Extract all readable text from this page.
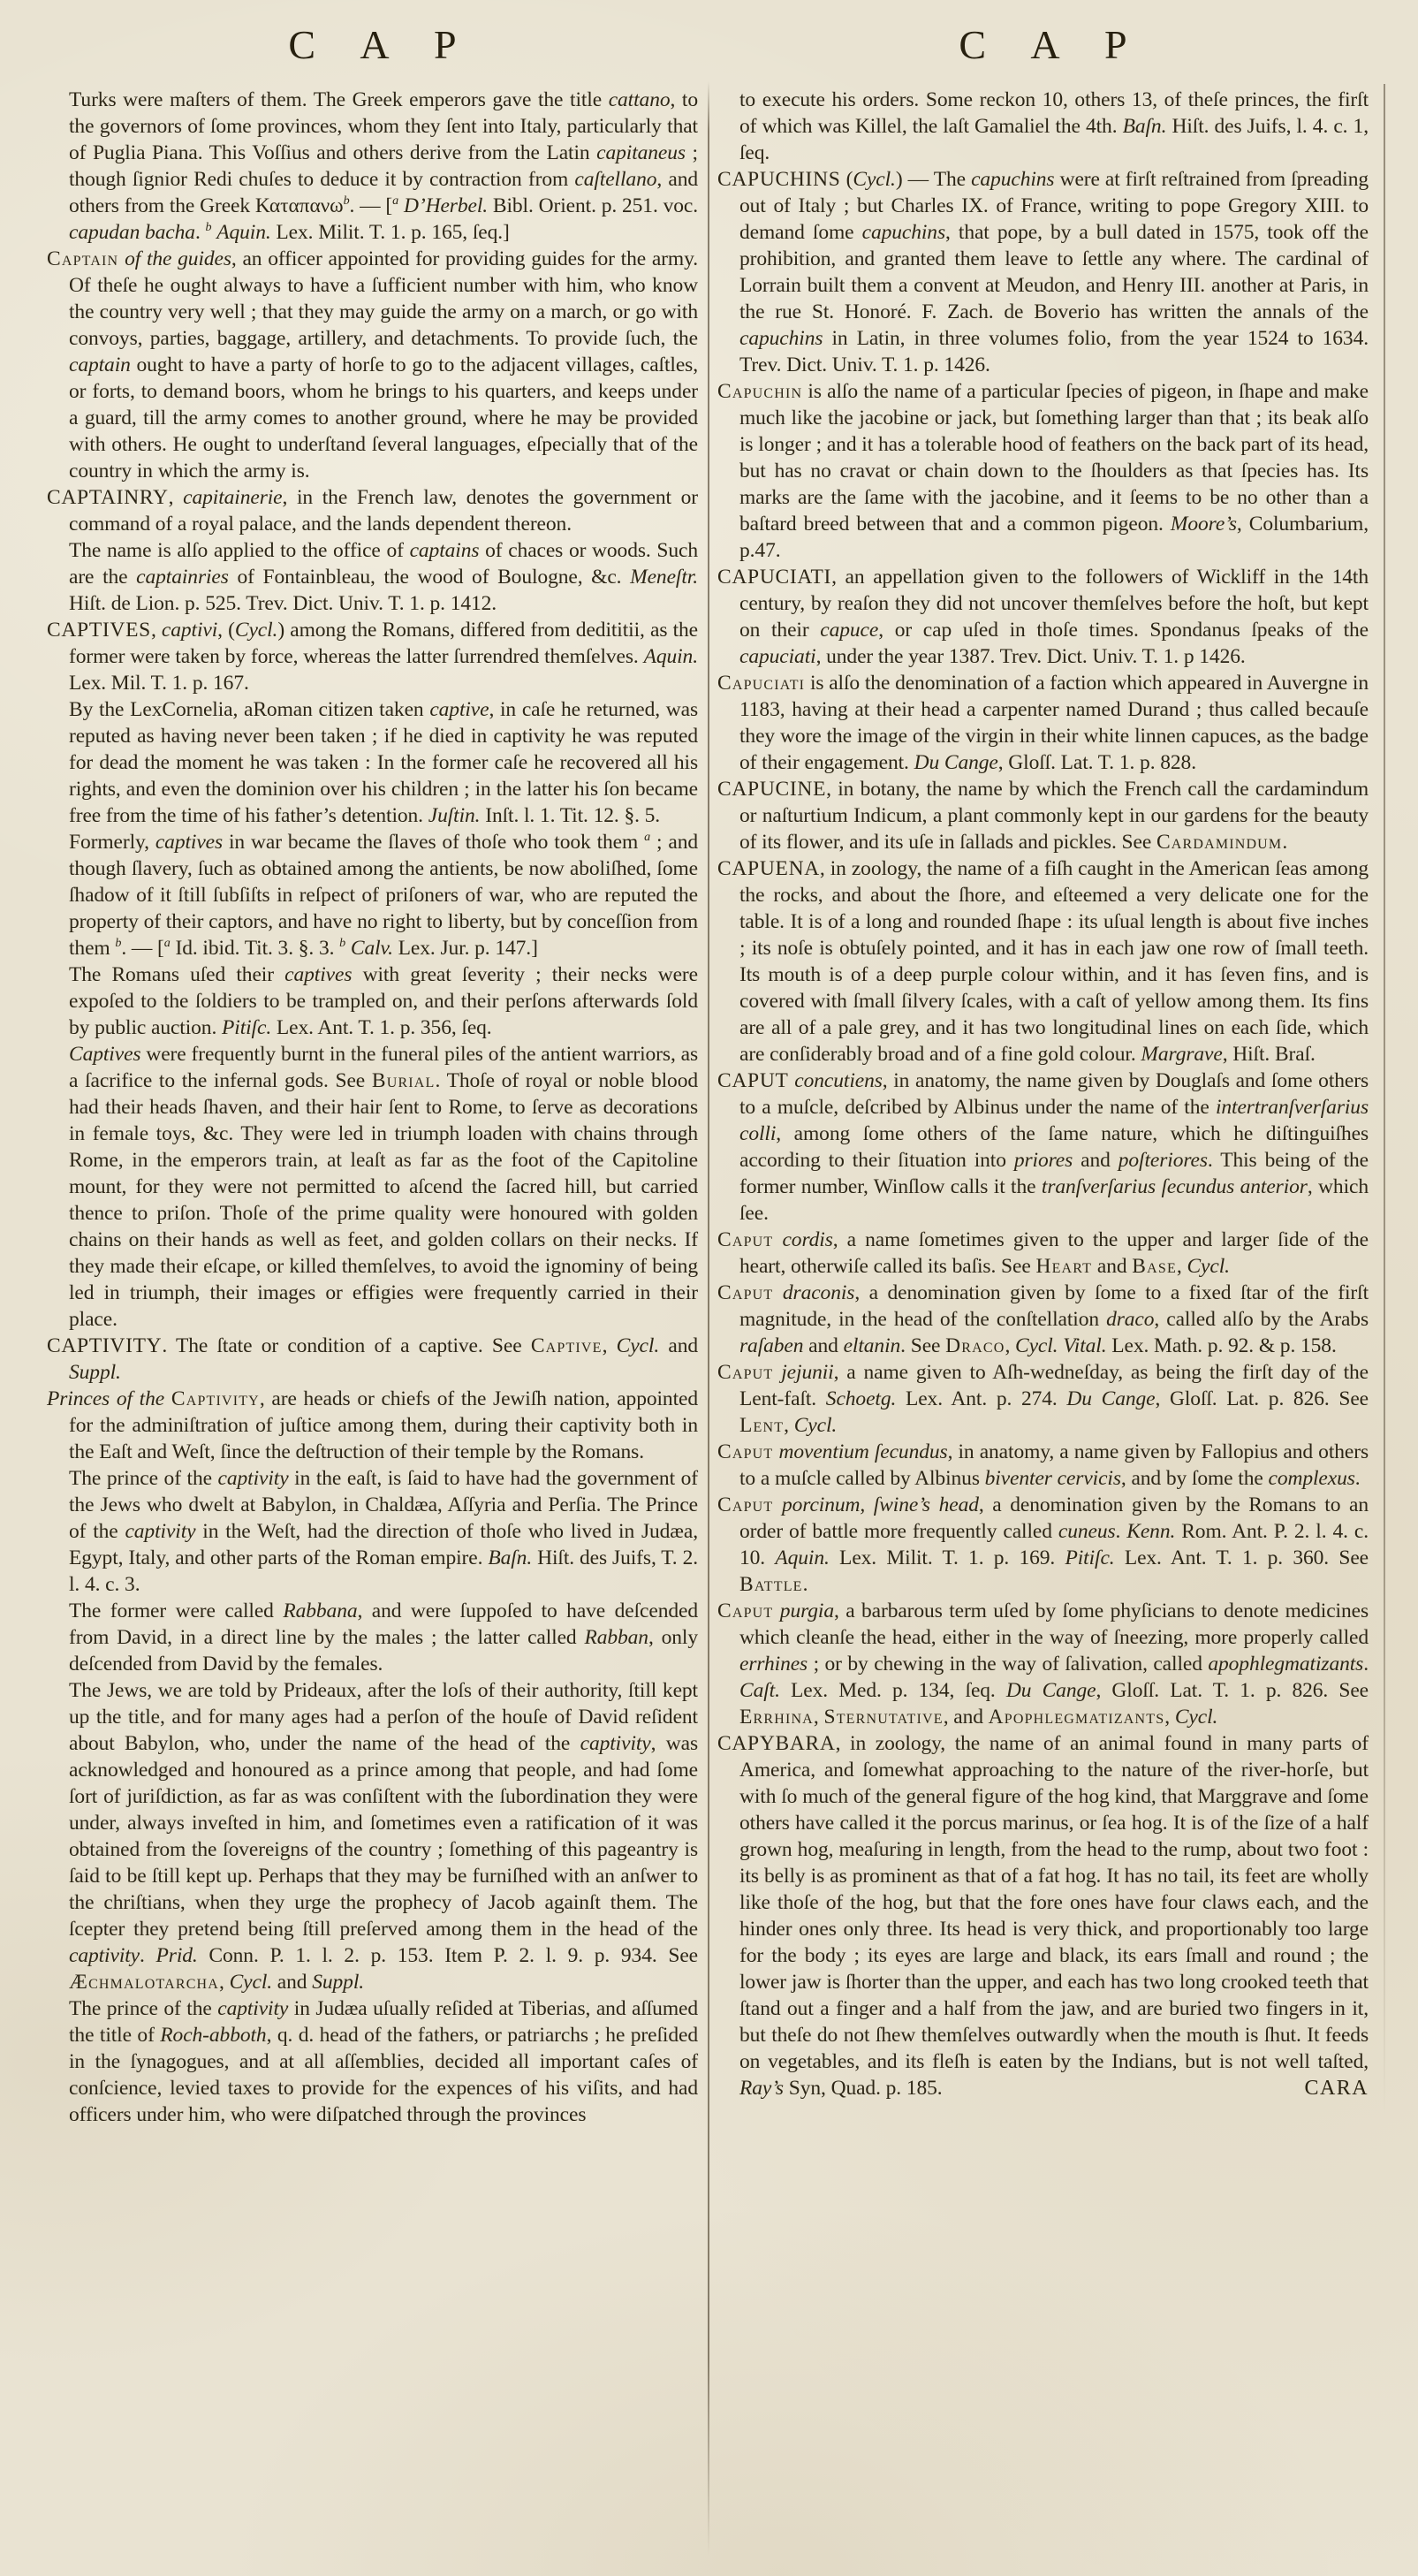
C A P	C A P

Turks were maſters of them. The Greek emperors gave the title cattano, to the governors of ſome provinces, whom they ſent into Italy, particularly that of Puglia Piana. This Voſſius and others derive from the Latin capitaneus ; though ſignior Redi chuſes to deduce it by contraction from caſtellano, and others from the Greek Καταπανω$^b$. — [$^a$ D’Herbel. Bibl. Orient. p. 251. voc. capudan bacha. $^b$ Aquin. Lex. Milit. T. 1. p. 165, ſeq.]

Captain of the guides, an officer appointed for providing guides for the army. Of theſe he ought always to have a ſufficient number with him, who know the country very well ; that they may guide the army on a march, or go with convoys, parties, baggage, artillery, and detachments. To provide ſuch, the captain ought to have a party of horſe to go to the adjacent villages, caſtles, or forts, to demand boors, whom he brings to his quarters, and keeps under a guard, till the army comes to another ground, where he may be provided with others. He ought to underſtand ſeveral languages, eſpecially that of the country in which the army is.

CAPTAINRY, capitainerie, in the French law, denotes the government or command of a royal palace, and the lands dependent thereon.

The name is alſo applied to the office of captains of chaces or woods. Such are the captainries of Fontainbleau, the wood of Boulogne, &c. Meneſtr. Hiſt. de Lion. p. 525. Trev. Dict. Univ. T. 1. p. 1412.

CAPTIVES, captivi, (Cycl.) among the Romans, differed from dedititii, as the former were taken by force, whereas the latter ſurrendred themſelves. Aquin. Lex. Mil. T. 1. p. 167.

By the LexCornelia, aRoman citizen taken captive, in caſe he returned, was reputed as having never been taken ; if he died in captivity he was reputed for dead the moment he was taken : In the former caſe he recovered all his rights, and even the dominion over his children ; in the latter his ſon became free from the time of his father’s detention. Juſtin. Inſt. l. 1. Tit. 12. §. 5.

Formerly, captives in war became the ſlaves of thoſe who took them $^a$ ; and though ſlavery, ſuch as obtained among the antients, be now aboliſhed, ſome ſhadow of it ſtill ſubſiſts in reſpect of priſoners of war, who are reputed the property of their captors, and have no right to liberty, but by conceſſion from them $^b$. — [$^a$ Id. ibid. Tit. 3. §. 3. $^b$ Calv. Lex. Jur. p. 147.]

The Romans uſed their captives with great ſeverity ; their necks were expoſed to the ſoldiers to be trampled on, and their perſons afterwards ſold by public auction. Pitiſc. Lex. Ant. T. 1. p. 356, ſeq.

Captives were frequently burnt in the funeral piles of the antient warriors, as a ſacrifice to the infernal gods. See Burial. Thoſe of royal or noble blood had their heads ſhaven, and their hair ſent to Rome, to ſerve as decorations in female toys, &c. They were led in triumph loaden with chains through Rome, in the emperors train, at leaſt as far as the foot of the Capitoline mount, for they were not permitted to aſcend the ſacred hill, but carried thence to priſon. Thoſe of the prime quality were honoured with golden chains on their hands as well as feet, and golden collars on their necks. If they made their eſcape, or killed themſelves, to avoid the ignominy of being led in triumph, their images or effigies were frequently carried in their place.

CAPTIVITY. The ſtate or condition of a captive. See Captive, Cycl. and Suppl.

Princes of the Captivity, are heads or chiefs of the Jewiſh nation, appointed for the adminiſtration of juſtice among them, during their captivity both in the Eaſt and Weſt, ſince the deſtruction of their temple by the Romans.

The prince of the captivity in the eaſt, is ſaid to have had the government of the Jews who dwelt at Babylon, in Chaldæa, Aſſyria and Perſia. The Prince of the captivity in the Weſt, had the direction of thoſe who lived in Judæa, Egypt, Italy, and other parts of the Roman empire. Baſn. Hiſt. des Juifs, T. 2. l. 4. c. 3.

The former were called Rabbana, and were ſuppoſed to have deſcended from David, in a direct line by the males ; the latter called Rabban, only deſcended from David by the females.

The Jews, we are told by Prideaux, after the loſs of their authority, ſtill kept up the title, and for many ages had a perſon of the houſe of David reſident about Babylon, who, under the name of the head of the captivity, was acknowledged and honoured as a prince among that people, and had ſome ſort of juriſdiction, as far as was conſiſtent with the ſubordination they were under, always inveſted in him, and ſometimes even a ratification of it was obtained from the ſovereigns of the country ; ſomething of this pageantry is ſaid to be ſtill kept up. Perhaps that they may be furniſhed with an anſwer to the chriſtians, when they urge the prophecy of Jacob againſt them. The ſcepter they pretend being ſtill preſerved among them in the head of the captivity. Prid. Conn. P. 1. l. 2. p. 153. Item P. 2. l. 9. p. 934. See Æchmalotarcha, Cycl. and Suppl.

The prince of the captivity in Judæa uſually reſided at Tiberias, and aſſumed the title of Roch-abboth, q. d. head of the fathers, or patriarchs ; he preſided in the ſynagogues, and at all aſſemblies, decided all important caſes of conſcience, levied taxes to provide for the expences of his viſits, and had officers under him, who were diſpatched through the provinces

to execute his orders. Some reckon 10, others 13, of theſe princes, the firſt of which was Killel, the laſt Gamaliel the 4th. Baſn. Hiſt. des Juifs, l. 4. c. 1, ſeq.

CAPUCHINS (Cycl.) — The capuchins were at firſt reſtrained from ſpreading out of Italy ; but Charles IX. of France, writing to pope Gregory XIII. to demand ſome capuchins, that pope, by a bull dated in 1575, took off the prohibition, and granted them leave to ſettle any where. The cardinal of Lorrain built them a convent at Meudon, and Henry III. another at Paris, in the rue St. Honoré. F. Zach. de Boverio has written the annals of the capuchins in Latin, in three volumes folio, from the year 1524 to 1634. Trev. Dict. Univ. T. 1. p. 1426.

Capuchin is alſo the name of a particular ſpecies of pigeon, in ſhape and make much like the jacobine or jack, but ſomething larger than that ; its beak alſo is longer ; and it has a tolerable hood of feathers on the back part of its head, but has no cravat or chain down to the ſhoulders as that ſpecies has. Its marks are the ſame with the jacobine, and it ſeems to be no other than a baſtard breed between that and a common pigeon. Moore’s, Columbarium, p.47.

CAPUCIATI, an appellation given to the followers of Wickliff in the 14th century, by reaſon they did not uncover themſelves before the hoſt, but kept on their capuce, or cap uſed in thoſe times. Spondanus ſpeaks of the capuciati, under the year 1387. Trev. Dict. Univ. T. 1. p 1426.

Capuciati is alſo the denomination of a faction which appeared in Auvergne in 1183, having at their head a carpenter named Durand ; thus called becauſe they wore the image of the virgin in their white linnen capuces, as the badge of their engagement. Du Cange, Gloſſ. Lat. T. 1. p. 828.

CAPUCINE, in botany, the name by which the French call the cardamindum or naſturtium Indicum, a plant commonly kept in our gardens for the beauty of its flower, and its uſe in ſallads and pickles. See Cardamindum.

CAPUENA, in zoology, the name of a fiſh caught in the American ſeas among the rocks, and about the ſhore, and eſteemed a very delicate one for the table. It is of a long and rounded ſhape : its uſual length is about five inches ; its noſe is obtuſely pointed, and it has in each jaw one row of ſmall teeth. Its mouth is of a deep purple colour within, and it has ſeven fins, and is covered with ſmall ſilvery ſcales, with a caſt of yellow among them. Its fins are all of a pale grey, and it has two longitudinal lines on each ſide, which are conſiderably broad and of a fine gold colour. Margrave, Hiſt. Braſ.

CAPUT concutiens, in anatomy, the name given by Douglaſs and ſome others to a muſcle, deſcribed by Albinus under the name of the intertranſverſarius colli, among ſome others of the ſame nature, which he diſtinguiſhes according to their ſituation into priores and poſteriores. This being of the former number, Winſlow calls it the tranſverſarius ſecundus anterior, which ſee.

Caput cordis, a name ſometimes given to the upper and larger ſide of the heart, otherwiſe called its baſis. See Heart and Base, Cycl.

Caput draconis, a denomination given by ſome to a fixed ſtar of the firſt magnitude, in the head of the conſtellation draco, called alſo by the Arabs raſaben and eltanin. See Draco, Cycl. Vital. Lex. Math. p. 92. & p. 158.

Caput jejunii, a name given to Aſh-wedneſday, as being the firſt day of the Lent-faſt. Schoetg. Lex. Ant. p. 274. Du Cange, Gloſſ. Lat. p. 826. See Lent, Cycl.

Caput moventium ſecundus, in anatomy, a name given by Fallopius and others to a muſcle called by Albinus biventer cervicis, and by ſome the complexus.

Caput porcinum, ſwine’s head, a denomination given by the Romans to an order of battle more frequently called cuneus. Kenn. Rom. Ant. P. 2. l. 4. c. 10. Aquin. Lex. Milit. T. 1. p. 169. Pitiſc. Lex. Ant. T. 1. p. 360. See Battle.

Caput purgia, a barbarous term uſed by ſome phyſicians to denote medicines which cleanſe the head, either in the way of ſneezing, more properly called errhines ; or by chewing in the way of ſalivation, called apophlegmatizants. Caſt. Lex. Med. p. 134, ſeq. Du Cange, Gloſſ. Lat. T. 1. p. 826. See Errhina, Sternutative, and Apophlegmatizants, Cycl.

CAPYBARA, in zoology, the name of an animal found in many parts of America, and ſomewhat approaching to the nature of the river-horſe, but with ſo much of the general figure of the hog kind, that Marggrave and ſome others have called it the porcus marinus, or ſea hog. It is of the ſize of a half grown hog, meaſuring in length, from the head to the rump, about two foot : its belly is as prominent as that of a fat hog. It has no tail, its feet are wholly like thoſe of the hog, but that the fore ones have four claws each, and the hinder ones only three. Its head is very thick, and proportionably too large for the body ; its eyes are large and black, its ears ſmall and round ; the lower jaw is ſhorter than the upper, and each has two long crooked teeth that ſtand out a finger and a half from the jaw, and are buried two fingers in it, but theſe do not ſhew themſelves outwardly when the mouth is ſhut. It feeds on vegetables, and its fleſh is eaten by the Indians, but is not well taſted, Ray’s Syn, Quad. p. 185.	CARA
